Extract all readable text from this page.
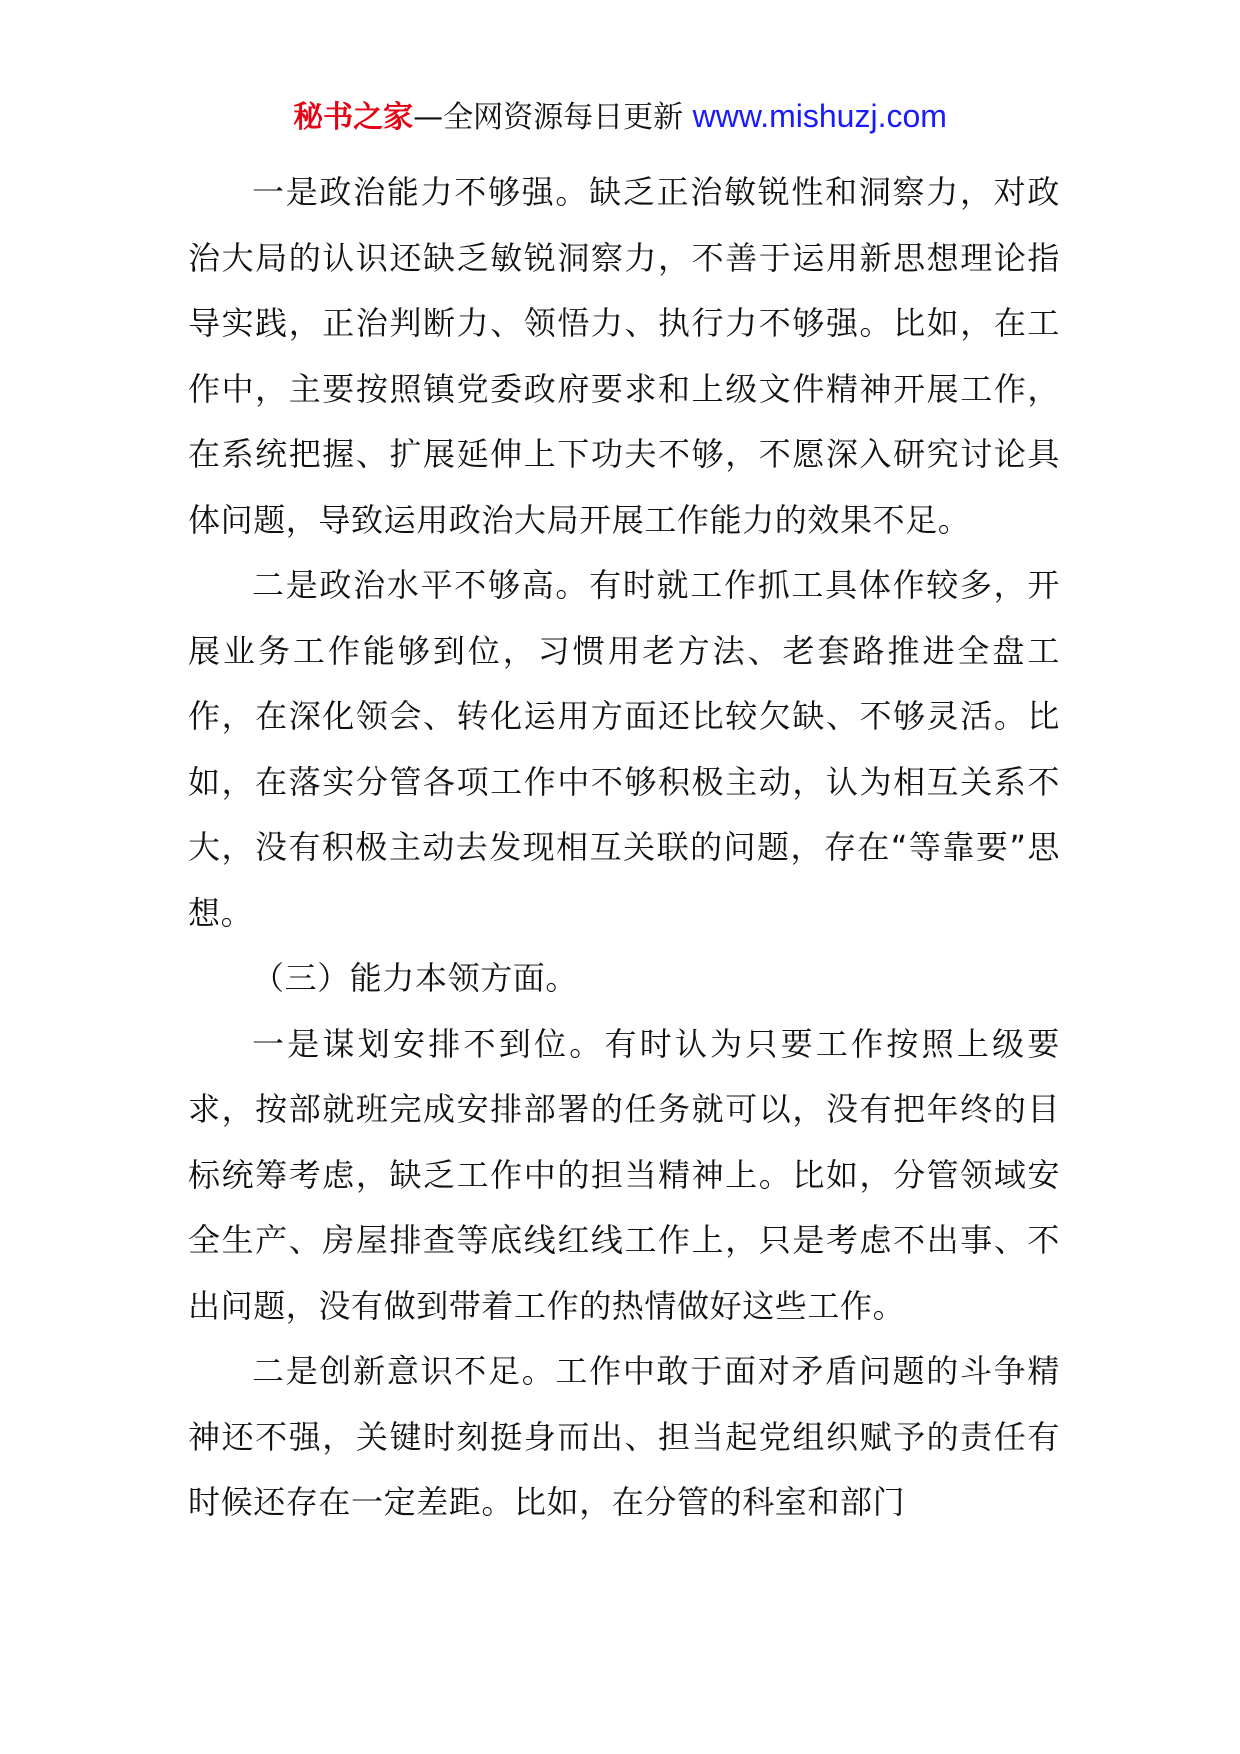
秘书之家—全网资源每日更新 www.mishuzj.com

一是政治能力不够强。缺乏正治敏锐性和洞察力，对政治大局的认识还缺乏敏锐洞察力，不善于运用新思想理论指导实践，正治判断力、领悟力、执行力不够强。比如，在工作中，主要按照镇党委政府要求和上级文件精神开展工作，在系统把握、扩展延伸上下功夫不够，不愿深入研究讨论具体问题，导致运用政治大局开展工作能力的效果不足。

二是政治水平不够高。有时就工作抓工具体作较多，开展业务工作能够到位，习惯用老方法、老套路推进全盘工作，在深化领会、转化运用方面还比较欠缺、不够灵活。比如，在落实分管各项工作中不够积极主动，认为相互关系不大，没有积极主动去发现相互关联的问题，存在“等靠要”思想。

（三）能力本领方面。

一是谋划安排不到位。有时认为只要工作按照上级要求，按部就班完成安排部署的任务就可以，没有把年终的目标统筹考虑，缺乏工作中的担当精神上。比如，分管领域安全生产、房屋排查等底线红线工作上，只是考虑不出事、不出问题，没有做到带着工作的热情做好这些工作。

二是创新意识不足。工作中敢于面对矛盾问题的斗争精神还不强，关键时刻挺身而出、担当起党组织赋予的责任有时候还存在一定差距。比如，在分管的科室和部门
